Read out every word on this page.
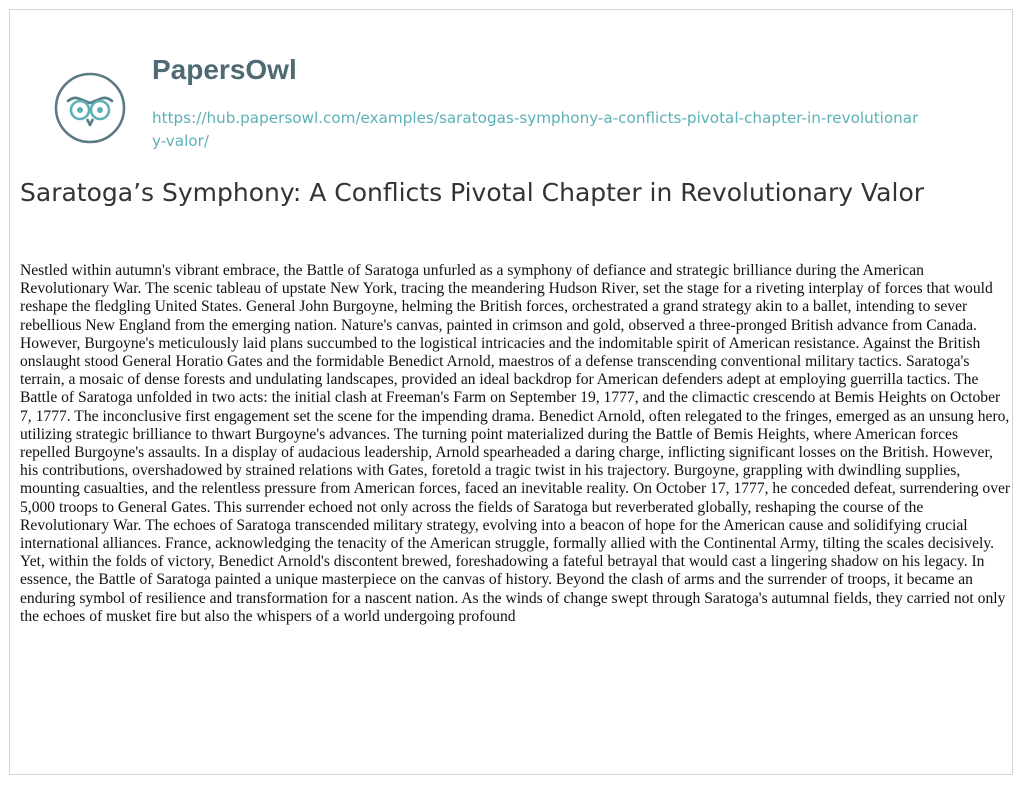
PapersOwl
https://hub.papersowl.com/examples/saratogas-symphony-a-conflicts-pivotal-chapter-in-revolutionary-valor/
Saratoga’s Symphony: A Conflicts Pivotal Chapter in Revolutionary Valor

Nestled within autumn's vibrant embrace, the Battle of Saratoga unfurled as a symphony of defiance and strategic brilliance during the American Revolutionary War. The scenic tableau of upstate New York, tracing the meandering Hudson River, set the stage for a riveting interplay of forces that would reshape the fledgling United States. General John Burgoyne, helming the British forces, orchestrated a grand strategy akin to a ballet, intending to sever rebellious New England from the emerging nation. Nature's canvas, painted in crimson and gold, observed a three-pronged British advance from Canada. However, Burgoyne's meticulously laid plans succumbed to the logistical intricacies and the indomitable spirit of American resistance. Against the British onslaught stood General Horatio Gates and the formidable Benedict Arnold, maestros of a defense transcending conventional military tactics. Saratoga's terrain, a mosaic of dense forests and undulating landscapes, provided an ideal backdrop for American defenders adept at employing guerrilla tactics. The Battle of Saratoga unfolded in two acts: the initial clash at Freeman's Farm on September 19, 1777, and the climactic crescendo at Bemis Heights on October 7, 1777. The inconclusive first engagement set the scene for the impending drama. Benedict Arnold, often relegated to the fringes, emerged as an unsung hero, utilizing strategic brilliance to thwart Burgoyne's advances. The turning point materialized during the Battle of Bemis Heights, where American forces repelled Burgoyne's assaults. In a display of audacious leadership, Arnold spearheaded a daring charge, inflicting significant losses on the British. However, his contributions, overshadowed by strained relations with Gates, foretold a tragic twist in his trajectory. Burgoyne, grappling with dwindling supplies, mounting casualties, and the relentless pressure from American forces, faced an inevitable reality. On October 17, 1777, he conceded defeat, surrendering over 5,000 troops to General Gates. This surrender echoed not only across the fields of Saratoga but reverberated globally, reshaping the course of the Revolutionary War. The echoes of Saratoga transcended military strategy, evolving into a beacon of hope for the American cause and solidifying crucial international alliances. France, acknowledging the tenacity of the American struggle, formally allied with the Continental Army, tilting the scales decisively. Yet, within the folds of victory, Benedict Arnold's discontent brewed, foreshadowing a fateful betrayal that would cast a lingering shadow on his legacy. In essence, the Battle of Saratoga painted a unique masterpiece on the canvas of history. Beyond the clash of arms and the surrender of troops, it became an enduring symbol of resilience and transformation for a nascent nation. As the winds of change swept through Saratoga's autumnal fields, they carried not only the echoes of musket fire but also the whispers of a world undergoing profound
